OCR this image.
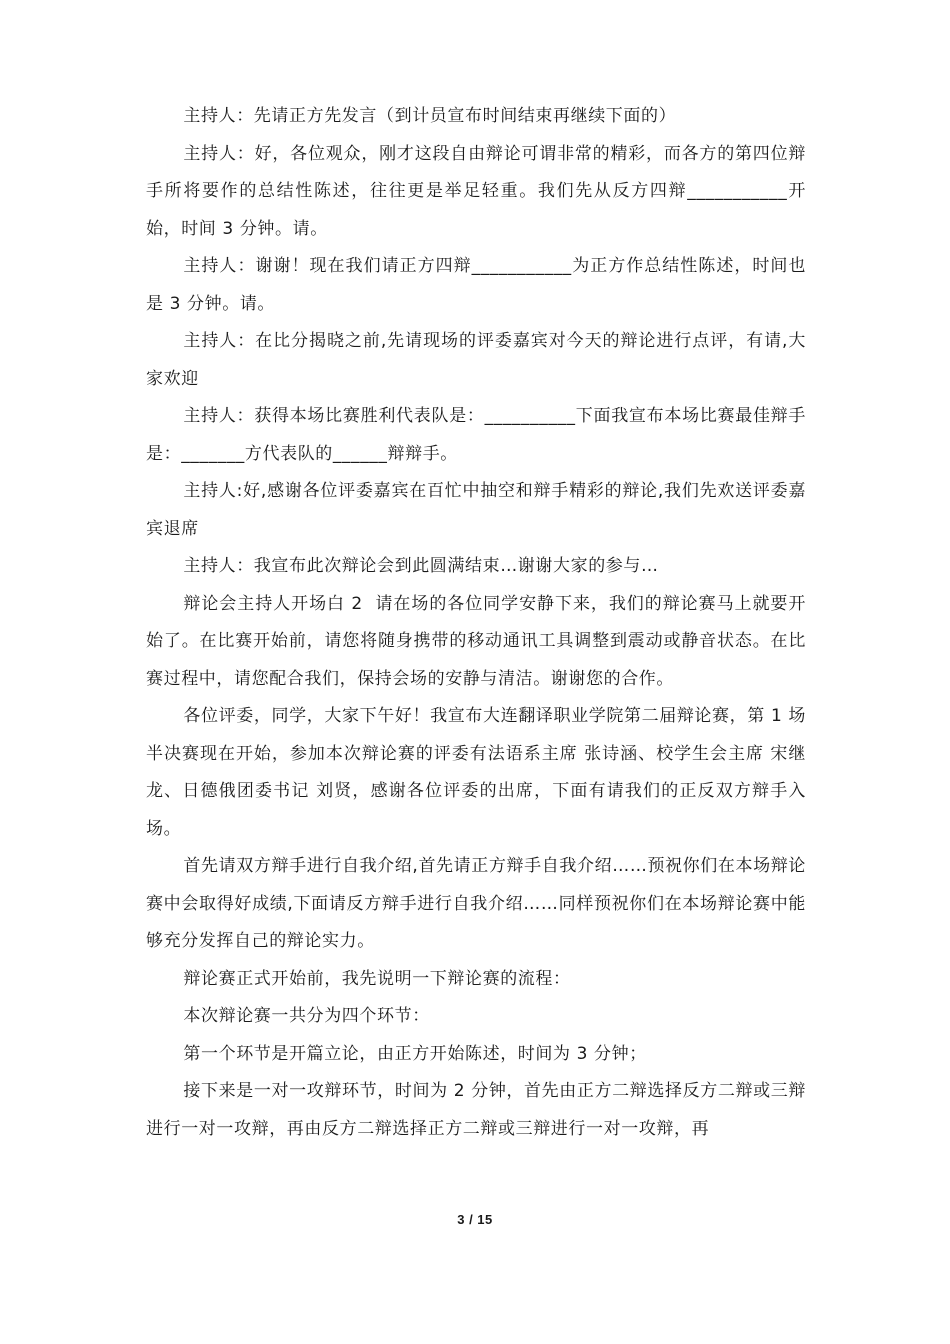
主持人：先请正方先发言（到计员宣布时间结束再继续下面的）

主持人：好，各位观众，刚才这段自由辩论可谓非常的精彩，而各方的第四位辩手所将要作的总结性陈述，往往更是举足轻重。我们先从反方四辩___________开始，时间 3 分钟。请。

主持人：谢谢！现在我们请正方四辩___________为正方作总结性陈述，时间也是 3 分钟。请。

主持人：在比分揭晓之前,先请现场的评委嘉宾对今天的辩论进行点评，有请,大家欢迎

主持人：获得本场比赛胜利代表队是：__________下面我宣布本场比赛最佳辩手是：_______方代表队的______辩辩手。

主持人:好,感谢各位评委嘉宾在百忙中抽空和辩手精彩的辩论,我们先欢送评委嘉宾退席

主持人：我宣布此次辩论会到此圆满结束…谢谢大家的参与…

辩论会主持人开场白 2  请在场的各位同学安静下来，我们的辩论赛马上就要开始了。在比赛开始前，请您将随身携带的移动通讯工具调整到震动或静音状态。在比赛过程中，请您配合我们，保持会场的安静与清洁。谢谢您的合作。

各位评委，同学，大家下午好！我宣布大连翻译职业学院第二届辩论赛，第 1 场半决赛现在开始，参加本次辩论赛的评委有法语系主席 张诗涵、校学生会主席 宋继龙、日德俄团委书记 刘贤，感谢各位评委的出席，下面有请我们的正反双方辩手入场。

首先请双方辩手进行自我介绍,首先请正方辩手自我介绍……预祝你们在本场辩论赛中会取得好成绩,下面请反方辩手进行自我介绍……同样预祝你们在本场辩论赛中能够充分发挥自己的辩论实力。

辩论赛正式开始前，我先说明一下辩论赛的流程：

本次辩论赛一共分为四个环节：

第一个环节是开篇立论，由正方开始陈述，时间为 3 分钟；

接下来是一对一攻辩环节，时间为 2 分钟，首先由正方二辩选择反方二辩或三辩进行一对一攻辩，再由反方二辩选择正方二辩或三辩进行一对一攻辩，再

3 / 15
